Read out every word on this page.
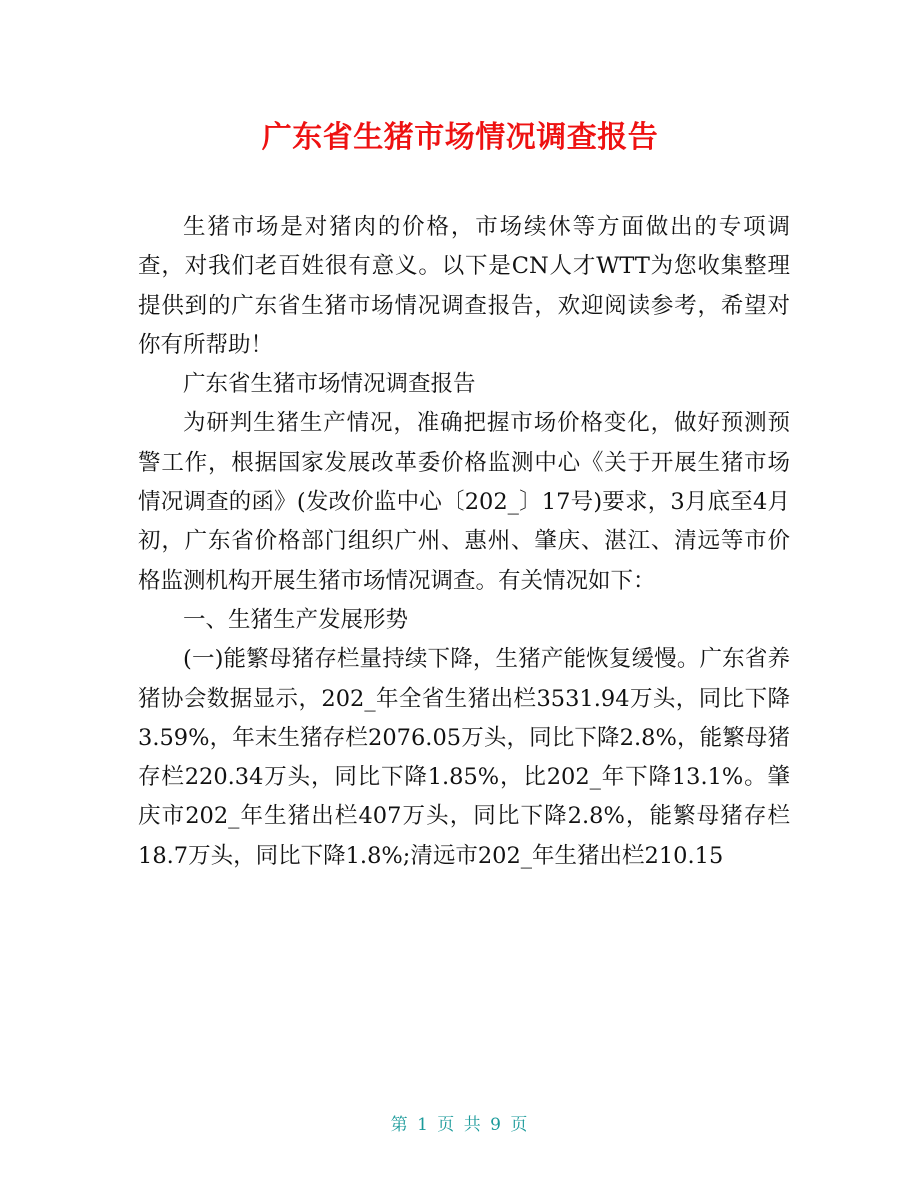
广东省生猪市场情况调查报告

生猪市场是对猪肉的价格，市场续休等方面做出的专项调查，对我们老百姓很有意义。以下是CN人才WTT为您收集整理提供到的广东省生猪市场情况调查报告，欢迎阅读参考，希望对你有所帮助！

广东省生猪市场情况调查报告

为研判生猪生产情况，准确把握市场价格变化，做好预测预警工作，根据国家发展改革委价格监测中心《关于开展生猪市场情况调查的函》(发改价监中心〔202_〕17号)要求，3月底至4月初，广东省价格部门组织广州、惠州、肇庆、湛江、清远等市价格监测机构开展生猪市场情况调查。有关情况如下：

一、生猪生产发展形势

(一)能繁母猪存栏量持续下降，生猪产能恢复缓慢。广东省养猪协会数据显示，202_年全省生猪出栏3531.94万头，同比下降3.59%，年末生猪存栏2076.05万头，同比下降2.8%，能繁母猪存栏220.34万头，同比下降1.85%，比202_年下降13.1%。肇庆市202_年生猪出栏407万头，同比下降2.8%，能繁母猪存栏18.7万头，同比下降1.8%;清远市202_年生猪出栏210.15

第 1 页 共 9 页
